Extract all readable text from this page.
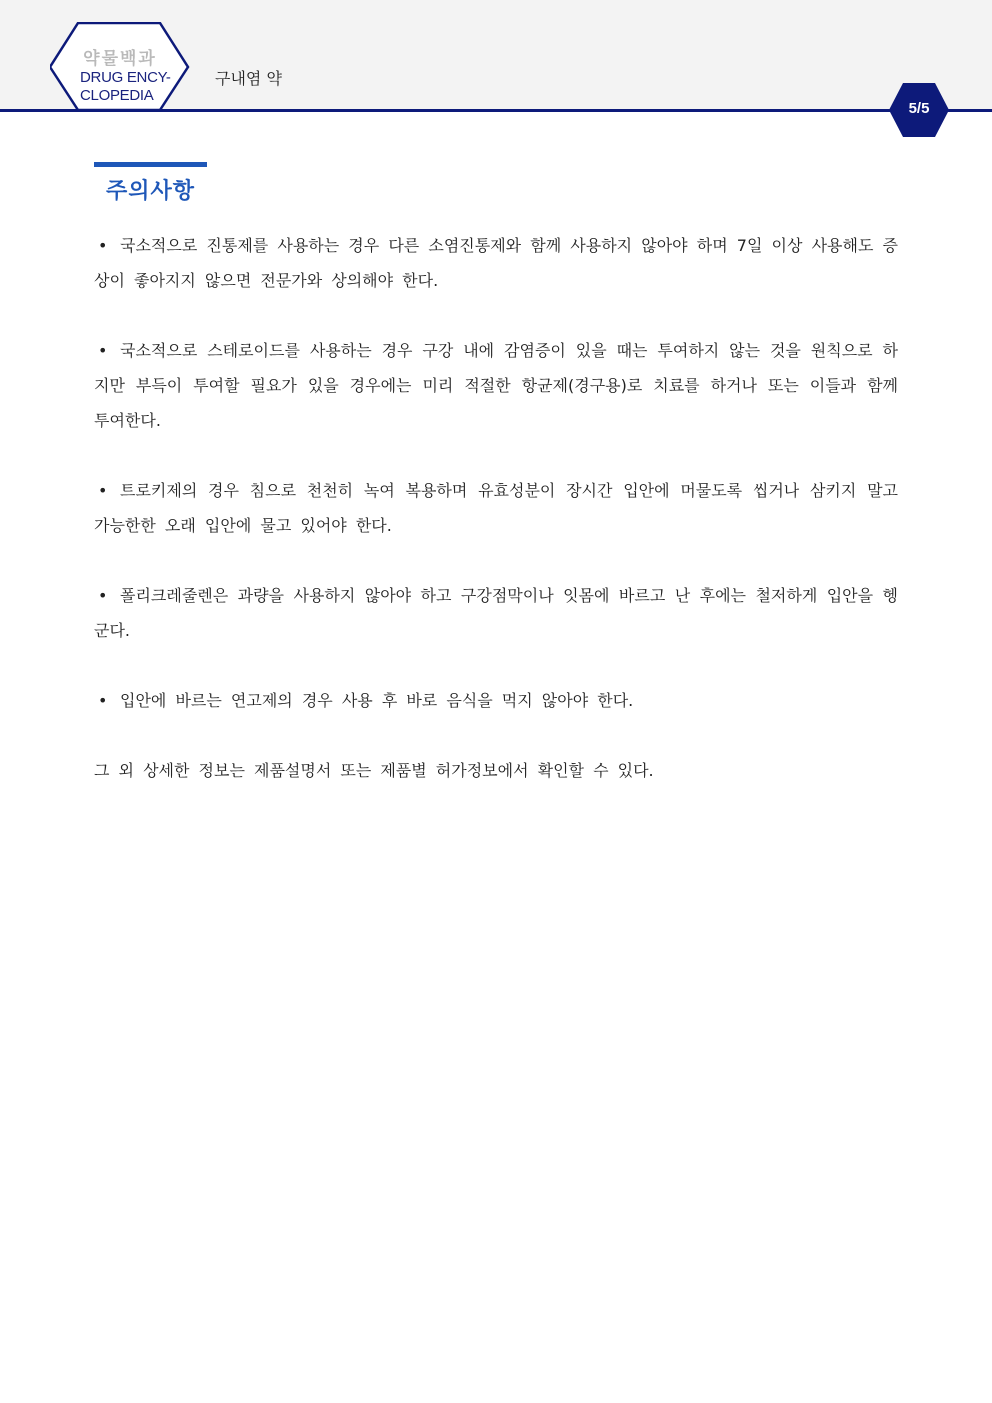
약물백과
DRUG ENCY-
CLOPEDIA
구내염 약
5/5
주의사항

• 국소적으로 진통제를 사용하는 경우 다른 소염진통제와 함께 사용하지 않아야 하며 7일 이상 사용해도 증상이 좋아지지 않으면 전문가와 상의해야 한다.

• 국소적으로 스테로이드를 사용하는 경우 구강 내에 감염증이 있을 때는 투여하지 않는 것을 원칙으로 하지만 부득이 투여할 필요가 있을 경우에는 미리 적절한 항균제(경구용)로 치료를 하거나 또는 이들과 함께 투여한다.

• 트로키제의 경우 침으로 천천히 녹여 복용하며 유효성분이 장시간 입안에 머물도록 씹거나 삼키지 말고 가능한한 오래 입안에 물고 있어야 한다.

• 폴리크레줄렌은 과량을 사용하지 않아야 하고 구강점막이나 잇몸에 바르고 난 후에는 철저하게 입안을 헹군다.

• 입안에 바르는 연고제의 경우 사용 후 바로 음식을 먹지 않아야 한다.

그 외 상세한 정보는 제품설명서 또는 제품별 허가정보에서 확인할 수 있다.
